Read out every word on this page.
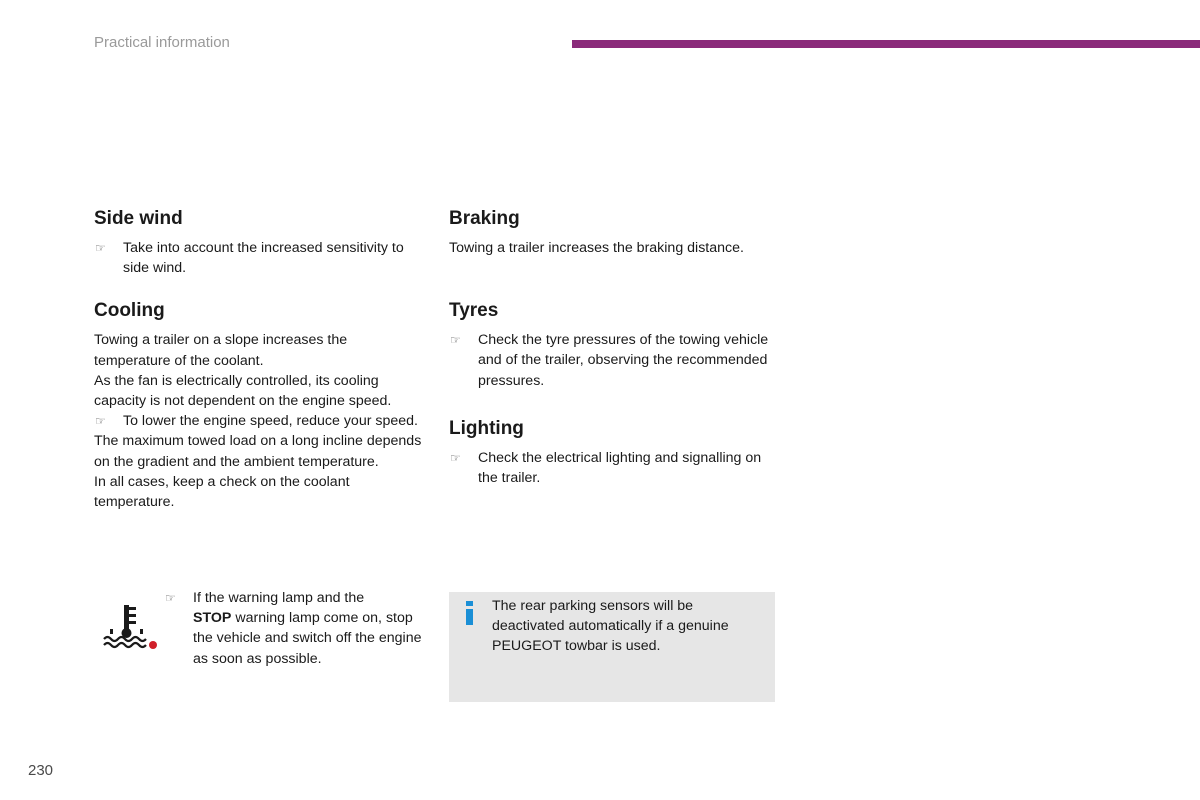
Practical information
Side wind
☞ Take into account the increased sensitivity to side wind.
Cooling
Towing a trailer on a slope increases the temperature of the coolant.
As the fan is electrically controlled, its cooling capacity is not dependent on the engine speed.
☞ To lower the engine speed, reduce your speed.
The maximum towed load on a long incline depends on the gradient and the ambient temperature.
In all cases, keep a check on the coolant temperature.
☞ If the warning lamp and the
STOP warning lamp come on, stop the vehicle and switch off the engine as soon as possible.
Braking
Towing a trailer increases the braking distance.
Tyres
☞ Check the tyre pressures of the towing vehicle and of the trailer, observing the recommended pressures.
Lighting
☞ Check the electrical lighting and signalling on the trailer.
The rear parking sensors will be deactivated automatically if a genuine PEUGEOT towbar is used.
230
